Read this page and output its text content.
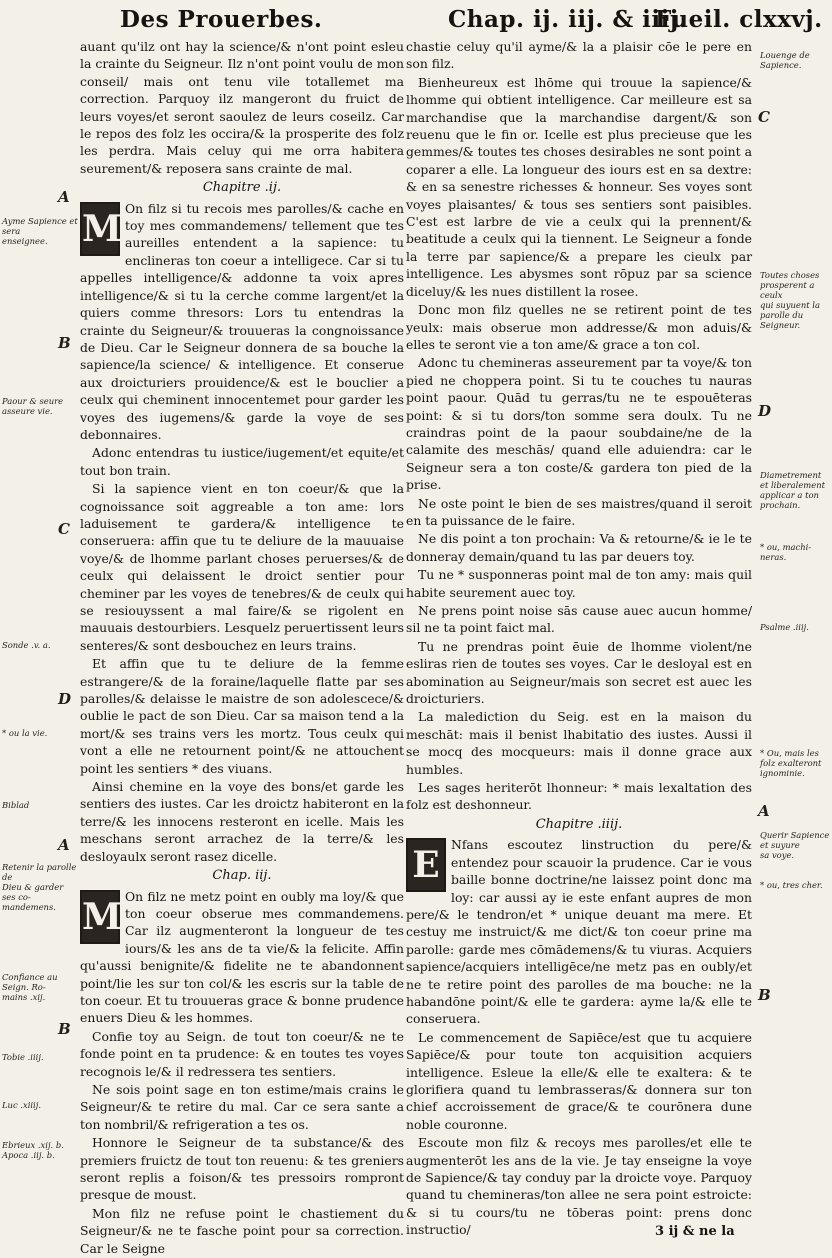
Des Prouerbes.	Chap. ij. iij. & iiij.
Fueil. clxxvj.
A
Ayme Sapience et sera
enseignee.
B
Paour & seure
asseure vie.
C
Sonde .v. a.
D
* ou la vie.
Biblad
A
Retenir la parolle de
Dieu & garder ses co-
mandemens.
Confiance au
Seign. Ro-
mains .xij.
B
Tobie .iiij.
Luc .xiiij.
Ebrieux .xij. b.
Apoca .iij. b.

auant qu'ilz ont hay la science/& n'ont point esleu la crainte du Seigneur. Ilz n'ont point voulu de mon conseil/ mais ont tenu vile totallemet ma correction. Parquoy ilz mangeront du fruict de leurs voyes/et seront saoulez de leurs coseilz. Car le repos des folz les occira/& la prosperite des folz les perdra. Mais celuy qui me orra habitera seurement/& reposera sans crainte de mal.

Chapitre .ij.

M On filz si tu recois mes parolles/& cache en toy mes commandemens/ tellement que tes aureilles entendent a la sapience: tu enclineras ton coeur a intelligece. Car si tu appelles intelligence/& addonne ta voix apres intelligence/& si tu la cerche comme largent/et la quiers comme thresors: Lors tu entendras la crainte du Seigneur/& trouueras la congnoissance de Dieu. Car le Seigneur donnera de sa bouche la sapience/la science/ & intelligence. Et conserue aux droicturiers prouidence/& est le bouclier a ceulx qui cheminent innocentemet pour garder les voyes des iugemens/& garde la voye de ses debonnaires.

Adonc entendras tu iustice/iugement/et equite/et tout bon train.

Si la sapience vient en ton coeur/& que la cognoissance soit aggreable a ton ame: lors laduisement te gardera/& intelligence te conseruera: affin que tu te deliure de la mauuaise voye/& de lhomme parlant choses peruerses/& de ceulx qui delaissent le droict sentier pour cheminer par les voyes de tenebres/& de ceulx qui se resiouyssent a mal faire/& se rigolent en mauuais destourbiers. Lesquelz peruertissent leurs senteres/& sont desbouchez en leurs trains.

Et affin que tu te deliure de la femme estrangere/& de la foraine/laquelle flatte par ses parolles/& delaisse le maistre de son adolescece/& oublie le pact de son Dieu. Car sa maison tend a la mort/& ses trains vers les mortz. Tous ceulx qui vont a elle ne retournent point/& ne attouchent point les sentiers * des viuans.

Ainsi chemine en la voye des bons/et garde les sentiers des iustes. Car les droictz habiteront en la terre/& les innocens resteront en icelle. Mais les meschans seront arrachez de la terre/& les desloyaulx seront rasez dicelle.

Chap. iij.

M On filz ne metz point en oubly ma loy/& que ton coeur obserue mes commandemens. Car ilz augmenteront la longueur de tes iours/& les ans de ta vie/& la felicite. Affin qu'aussi benignite/& fidelite ne te abandonnent point/lie les sur ton col/& les escris sur la table de ton coeur. Et tu trouueras grace & bonne prudence enuers Dieu & les hommes.

Confie toy au Seign. de tout ton coeur/& ne te fonde point en ta prudence: & en toutes tes voyes recognois le/& il redressera tes sentiers.

Ne sois point sage en ton estime/mais crains le Seigneur/& te retire du mal. Car ce sera sante a ton nombril/& refrigeration a tes os.

Honnore le Seigneur de ta substance/& des premiers fruictz de tout ton reuenu: & tes greniers seront replis a foison/& tes pressoirs rompront presque de moust.

Mon filz ne refuse point le chastiement du Seigneur/& ne te fasche point pour sa correction. Car le Seigne

chastie celuy qu'il ayme/& la a plaisir cōe le pere en son filz.

Bienheureux est lhōme qui trouue la sapience/& lhomme qui obtient intelligence. Car meilleure est sa marchandise que la marchandise dargent/& son reuenu que le fin or. Icelle est plus precieuse que les gemmes/& toutes tes choses desirables ne sont point a coparer a elle. La longueur des iours est en sa dextre: & en sa senestre richesses & honneur. Ses voyes sont voyes plaisantes/ & tous ses sentiers sont paisibles. C'est est larbre de vie a ceulx qui la prennent/& beatitude a ceulx qui la tiennent. Le Seigneur a fonde la terre par sapience/& a prepare les cieulx par intelligence. Les abysmes sont rōpuz par sa science diceluy/& les nues distillent la rosee.

Donc mon filz quelles ne se retirent point de tes yeulx: mais obserue mon addresse/& mon aduis/& elles te seront vie a ton ame/& grace a ton col.

Adonc tu chemineras asseurement par ta voye/& ton pied ne choppera point. Si tu te couches tu nauras point paour. Quād tu gerras/tu ne te espouēteras point: & si tu dors/ton somme sera doulx. Tu ne craindras point de la paour soubdaine/ne de la calamite des meschās/ quand elle aduiendra: car le Seigneur sera a ton coste/& gardera ton pied de la prise.

Ne oste point le bien de ses maistres/quand il seroit en ta puissance de le faire.

Ne dis point a ton prochain: Va & retourne/& ie le te donneray demain/quand tu las par deuers toy.

Tu ne * susponneras point mal de ton amy: mais quil habite seurement auec toy.

Ne prens point noise sās cause auec aucun homme/ sil ne ta point faict mal.

Tu ne prendras point ēuie de lhomme violent/ne esliras rien de toutes ses voyes. Car le desloyal est en abomination au Seigneur/mais son secret est auec les droicturiers.

La malediction du Seig. est en la maison du meschāt: mais il benist lhabitatio des iustes. Aussi il se mocq des mocqueurs: mais il donne grace aux humbles.

Les sages heriterōt lhonneur: * mais lexaltation des folz est deshonneur.

Chapitre .iiij.

E Nfans escoutez linstruction du pere/& entendez pour scauoir la prudence. Car ie vous baille bonne doctrine/ne laissez point donc ma loy: car aussi ay ie este enfant aupres de mon pere/& le tendron/et * unique deuant ma mere. Et cestuy me instruict/& me dict/& ton coeur prine ma parolle: garde mes cōmādemens/& tu viuras. Acquiers sapience/acquiers intelligēce/ne metz pas en oubly/et ne te retire point des parolles de ma bouche: ne la habandōne point/& elle te gardera: ayme la/& elle te conseruera.

Le commencement de Sapiēce/est que tu acquiere Sapiēce/& pour toute ton acquisition acquiers intelligence. Esleue la elle/& elle te exaltera: & te glorifiera quand tu lembrasseras/& donnera sur ton chief accroissement de grace/& te courōnera dune noble couronne.

Escoute mon filz & recoys mes parolles/et elle te augmenterōt les ans de la vie. Je tay enseigne la voye de Sapience/& tay conduy par la droicte voye. Parquoy quand tu chemineras/ton allee ne sera point estroicte: & si tu cours/tu ne tōberas point: prens donc instructio/

Louenge de
Sapience.
C
Toutes choses
prosperent a ceulx
qui suyuent la
parolle du
Seigneur.
D
Diametrement
et liberalement
applicar a ton
prochain.
* ou, machi-
neras.
Psalme .iiij.
* Ou, mais les
folz exalteront
ignominie.
A
Querir Sapience
et suyure
sa voye.
* ou, tres cher.
B
3 ij & ne la
